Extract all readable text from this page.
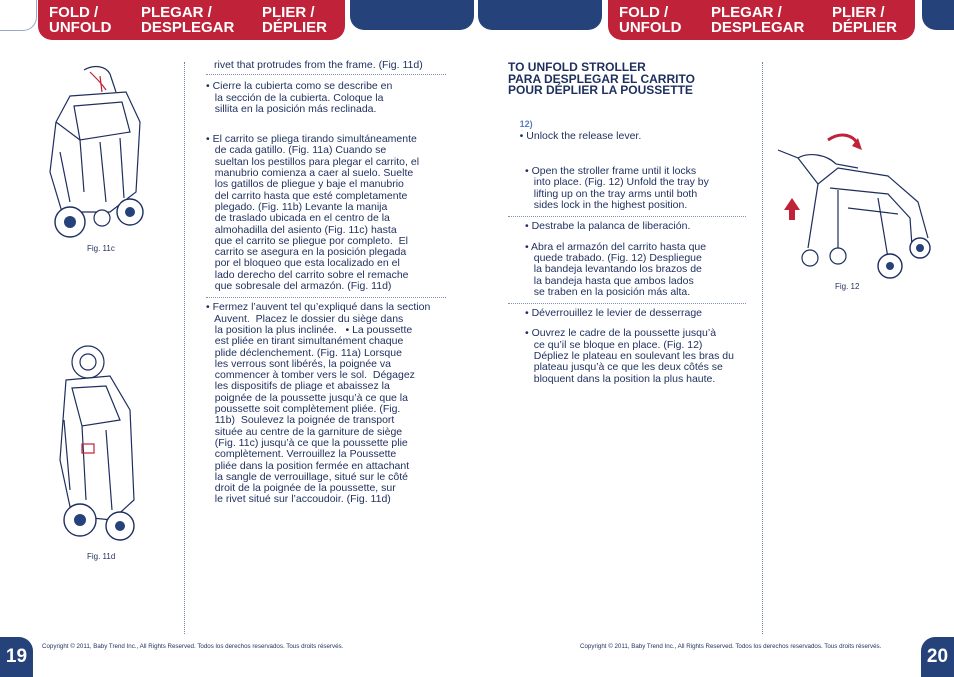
FOLD /
UNFOLD
PLEGAR /
DESPLEGAR
PLIER /
DÉPLIER
FOLD /
UNFOLD
PLEGAR /
DESPLEGAR
PLIER /
DÉPLIER
Fig. 11c
Fig. 11d

rivet that protrudes from the frame. (Fig. 11d)

• Cierre la cubierta como se describe en
la sección de la cubierta. Coloque la
sillita en la posición más reclinada.

• El carrito se pliega tirando simultáneamente
de cada gatillo. (Fig. 11a) Cuando se
sueltan los pestillos para plegar el carrito, el
manubrio comienza a caer al suelo. Suelte
los gatillos de pliegue y baje el manubrio
del carrito hasta que esté completamente
plegado. (Fig. 11b) Levante la manija
de traslado ubicada en el centro de la
almohadilla del asiento (Fig. 11c) hasta
que el carrito se pliegue por completo.  El
carrito se asegura en la posición plegada
por el bloqueo que esta localizado en el
lado derecho del carrito sobre el remache
que sobresale del armazón. (Fig. 11d)

• Fermez l’auvent tel qu’expliqué dans la section
Auvent.  Placez le dossier du siège dans
la position la plus inclinée.   • La poussette
est pliée en tirant simultanément chaque
plide déclenchement. (Fig. 11a) Lorsque
les verrous sont libérés, la poignée va
commencer à tomber vers le sol.  Dégagez
les dispositifs de pliage et abaissez la
poignée de la poussette jusqu’à ce que la
poussette soit complètement pliée. (Fig.
11b)  Soulevez la poignée de transport
située au centre de la garniture de siège
(Fig. 11c) jusqu’à ce que la poussette plie
complètement. Verrouillez la Poussette
pliée dans la position fermée en attachant
la sangle de verrouillage, situé sur le côté
droit de la poignée de la poussette, sur
le rivet situé sur l’accoudoir. (Fig. 11d)

TO UNFOLD STROLLER
PARA DESPLEGAR EL CARRITO
POUR DÉPLIER LA POUSSETTE

12)
• Unlock the release lever.

• Open the stroller frame until it locks
into place. (Fig. 12) Unfold the tray by
lifting up on the tray arms until both
sides lock in the highest position.

• Destrabe la palanca de liberación.

• Abra el armazón del carrito hasta que
quede trabado. (Fig. 12) Despliegue
la bandeja levantando los brazos de
la bandeja hasta que ambos lados
se traben en la posición más alta.

• Déverrouillez le levier de desserrage

• Ouvrez le cadre de la poussette jusqu’à
ce qu’il se bloque en place. (Fig. 12)
Dépliez le plateau en soulevant les bras du
plateau jusqu’à ce que les deux côtés se
bloquent dans la position la plus haute.

Fig. 12
19	Copyright © 2011, Baby Trend Inc., All Rights Reserved. Todos los derechos reservados. Tous droits réservés.	Copyright © 2011, Baby Trend Inc., All Rights Reserved. Todos los derechos reservados. Tous droits réservés.	20
